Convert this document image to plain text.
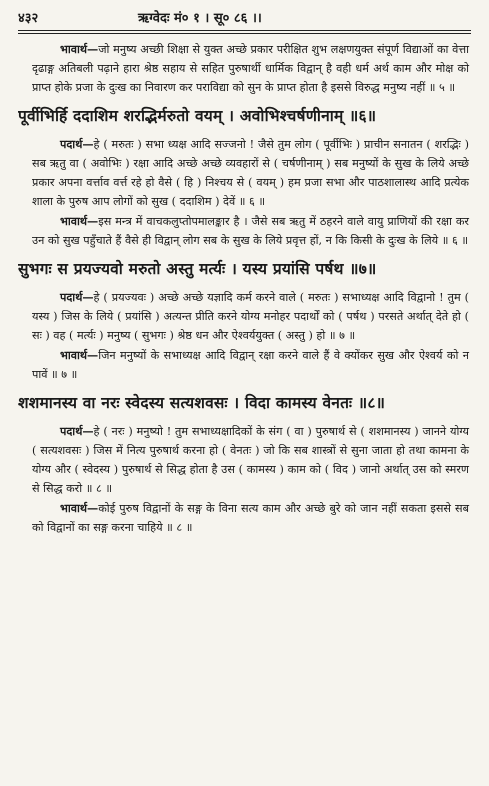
४३२	ऋग्वेदः मं० १ । सू० ८६ ।।

भावार्थ—जो मनुष्य अच्छी शिक्षा से युक्त अच्छे प्रकार परीक्षित शुभ लक्षणयुक्त संपूर्ण विद्याओं का वेत्ता दृढाङ्ग अतिबली पढ़ाने हारा श्रेष्ठ सहाय से सहित पुरुषार्थी धार्मिक विद्वान् है वही धर्म अर्थ काम और मोक्ष को प्राप्त होके प्रजा के दुःख का निवारण कर पराविद्या को सुन के प्राप्त होता है इससे विरुद्ध मनुष्य नहीं ॥ ५ ॥

पूर्वीभिर्हि ददाशिम शरद्भिर्मरुतो वयम् । अवोभिश्चर्षणीनाम् ॥६॥

पदार्थ—हे ( मरुतः ) सभा ध्यक्ष आदि सज्जनो ! जैसे तुम लोग ( पूर्वीभिः ) प्राचीन सनातन ( शरद्भिः ) सब ऋतु वा ( अवोभिः ) रक्षा आदि अच्छे अच्छे व्यवहारों से ( चर्षणीनाम् ) सब मनुष्यों के सुख के लिये अच्छे प्रकार अपना वर्त्ताव वर्त्त रहे हो वैसे ( हि ) निश्चय से ( वयम् ) हम प्रजा सभा और पाठशालास्थ आदि प्रत्येक शाला के पुरुष आप लोगों को सुख ( ददाशिम ) देवें ॥ ६ ॥

भावार्थ—इस मन्त्र में वाचकलुप्तोपमालङ्कार है । जैसे सब ऋतु में ठहरने वाले वायु प्राणियों की रक्षा कर उन को सुख पहुँचाते हैं वैसे ही विद्वान् लोग सब के सुख के लिये प्रवृत्त हों, न कि किसी के दुःख के लिये ॥ ६ ॥

सुभगः स प्रयज्यवो मरुतो अस्तु मर्त्यः । यस्य प्रयांसि पर्षथ ॥७॥

पदार्थ—हे ( प्रयज्यवः ) अच्छे अच्छे यज्ञादि कर्म करने वाले ( मरुतः ) सभाध्यक्ष आदि विद्वानो ! तुम ( यस्य ) जिस के लिये ( प्रयांसि ) अत्यन्त प्रीति करने योग्य मनोहर पदार्थों को ( पर्षथ ) परसते अर्थात् देते हो ( सः ) वह ( मर्त्यः ) मनुष्य ( सुभगः ) श्रेष्ठ धन और ऐश्वर्ययुक्त ( अस्तु ) हो ॥ ७ ॥

भावार्थ—जिन मनुष्यों के सभाध्यक्ष आदि विद्वान् रक्षा करने वाले हैं वे क्योंकर सुख और ऐश्वर्य को न पावें ॥ ७ ॥

शशमानस्य वा नरः स्वेदस्य सत्यशवसः । विदा कामस्य वेनतः ॥८॥

पदार्थ—हे ( नरः ) मनुष्यो ! तुम सभाध्यक्षादिकों के संग ( वा ) पुरुषार्थ से ( शशमानस्य ) जानने योग्य ( सत्यशवसः ) जिस में नित्य पुरुषार्थ करना हो ( वेनतः ) जो कि सब शास्त्रों से सुना जाता हो तथा कामना के योग्य और ( स्वेदस्य ) पुरुषार्थ से सिद्ध होता है उस ( कामस्य ) काम को ( विद ) जानो अर्थात् उस को स्मरण से सिद्ध करो ॥ ८ ॥

भावार्थ—कोई पुरुष विद्वानों के सङ्ग के विना सत्य काम और अच्छे बुरे को जान नहीं सकता इससे सब को विद्वानों का सङ्ग करना चाहिये ॥ ८ ॥
